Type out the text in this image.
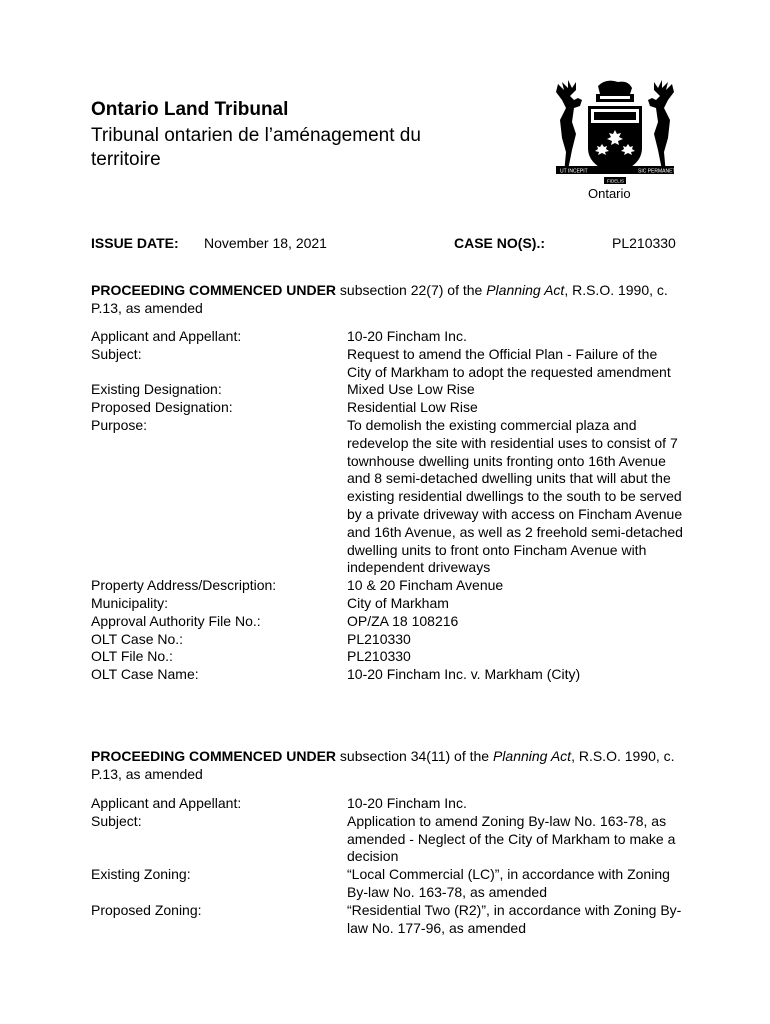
Ontario Land Tribunal
Tribunal ontarien de l’aménagement du territoire
UT INCEPIT	SIC PERMANET
FIDELIS
Ontario
ISSUE DATE: November 18, 2021	CASE NO(S).:	PL210330
PROCEEDING COMMENCED UNDER subsection 22(7) of the Planning Act, R.S.O. 1990, c. P.13, as amended
Applicant and Appellant:	10-20 Fincham Inc.
Subject:	Request to amend the Official Plan - Failure of the City of Markham to adopt the requested amendment
Existing Designation:	Mixed Use Low Rise
Proposed Designation:	Residential Low Rise
Purpose:	To demolish the existing commercial plaza and redevelop the site with residential uses to consist of 7 townhouse dwelling units fronting onto 16th Avenue and 8 semi-detached dwelling units that will abut the existing residential dwellings to the south to be served by a private driveway with access on Fincham Avenue and 16th Avenue, as well as 2 freehold semi-detached dwelling units to front onto Fincham Avenue with independent driveways
Property Address/Description:	10 & 20 Fincham Avenue
Municipality:	City of Markham
Approval Authority File No.:	OP/ZA 18 108216
OLT Case No.:	PL210330
OLT File No.:	PL210330
OLT Case Name:	10-20 Fincham Inc. v. Markham (City)
PROCEEDING COMMENCED UNDER subsection 34(11) of the Planning Act, R.S.O. 1990, c. P.13, as amended
Applicant and Appellant:	10-20 Fincham Inc.
Subject:	Application to amend Zoning By-law No. 163-78, as amended - Neglect of the City of Markham to make a decision
Existing Zoning:	“Local Commercial (LC)”, in accordance with Zoning By-law No. 163-78, as amended
Proposed Zoning:	“Residential Two (R2)”, in accordance with Zoning By-law No. 177-96, as amended
